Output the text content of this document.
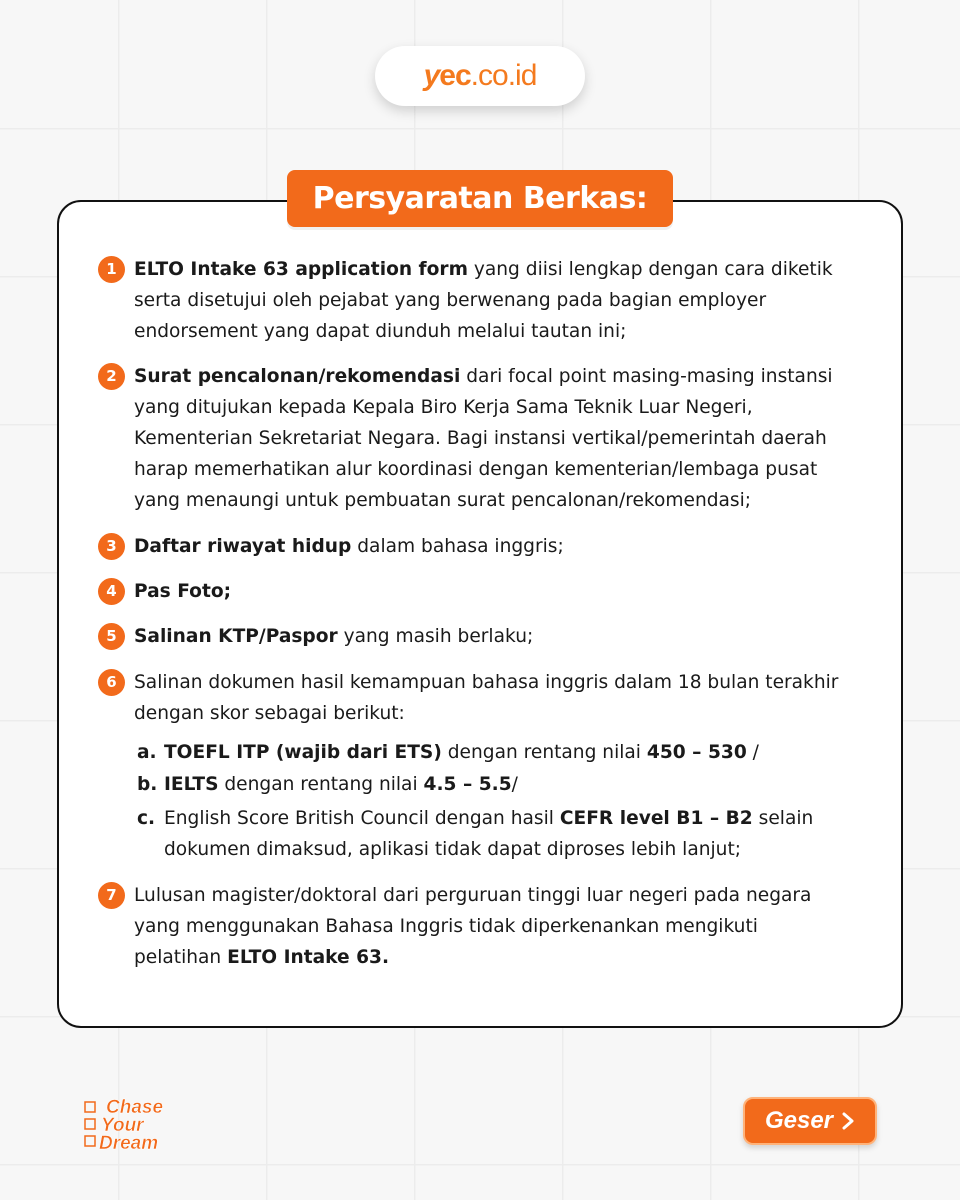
y ec .co.id
Persyaratan Berkas:
1 ELTO Intake 63 application form yang diisi lengkap dengan cara diketik
serta disetujui oleh pejabat yang berwenang pada bagian employer
endorsement yang dapat diunduh melalui tautan ini;
2 Surat pencalonan/rekomendasi dari focal point masing-masing instansi
yang ditujukan kepada Kepala Biro Kerja Sama Teknik Luar Negeri,
Kementerian Sekretariat Negara. Bagi instansi vertikal/pemerintah daerah
harap memerhatikan alur koordinasi dengan kementerian/lembaga pusat
yang menaungi untuk pembuatan surat pencalonan/rekomendasi;
3 Daftar riwayat hidup dalam bahasa inggris;
4 Pas Foto;
5 Salinan KTP/Paspor yang masih berlaku;
6 Salinan dokumen hasil kemampuan bahasa inggris dalam 18 bulan terakhir
dengan skor sebagai berikut:
a. TOEFL ITP (wajib dari ETS) dengan rentang nilai 450 – 530 /
b. IELTS dengan rentang nilai 4.5 – 5.5/
c. English Score British Council dengan hasil CEFR level B1 – B2 selain
dokumen dimaksud, aplikasi tidak dapat diproses lebih lanjut;
7 Lulusan magister/doktoral dari perguruan tinggi luar negeri pada negara
yang menggunakan Bahasa Inggris tidak diperkenankan mengikuti
pelatihan ELTO Intake 63.
Chase
Your
Dream
Geser
